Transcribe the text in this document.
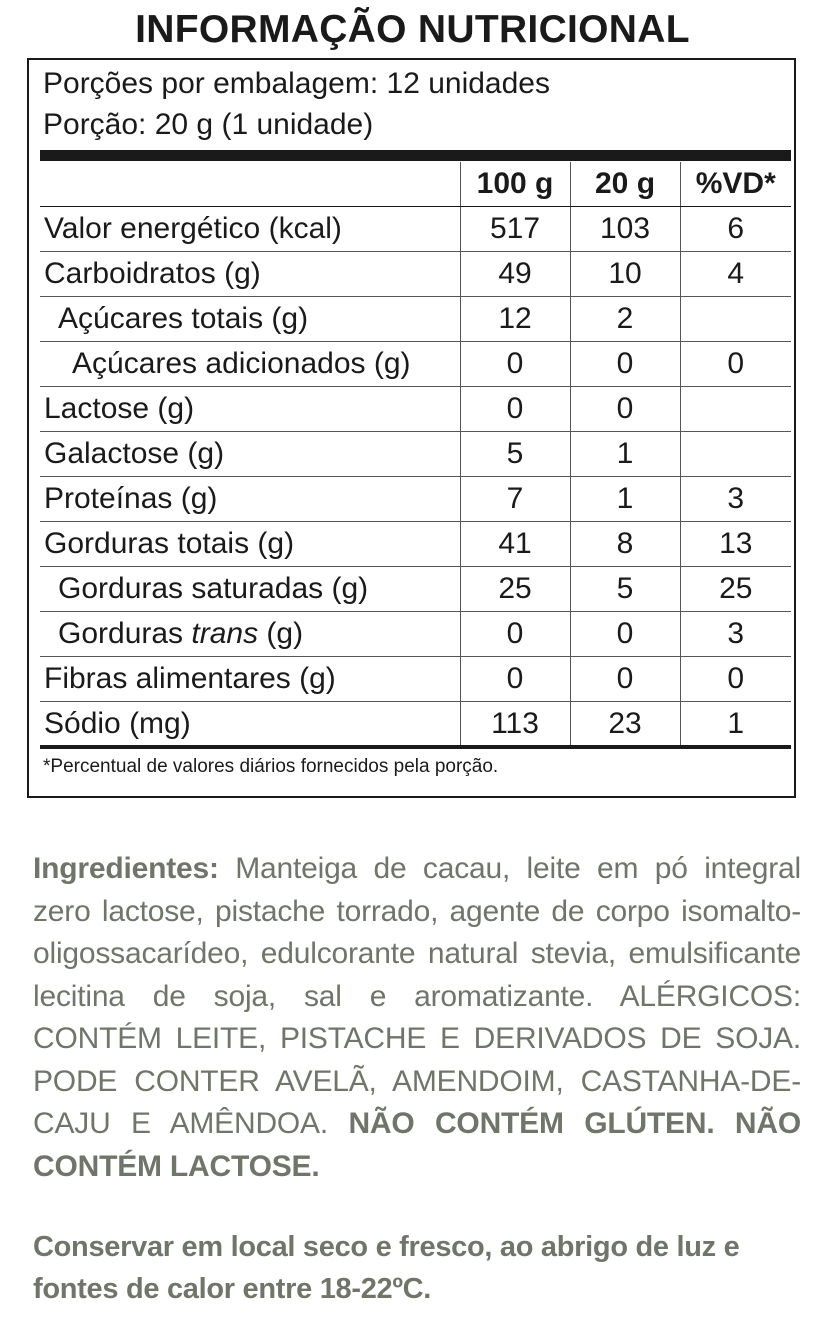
INFORMAÇÃO NUTRICIONAL
Porções por embalagem: 12 unidades
Porção: 20 g (1 unidade)
	100 g	20 g	%VD*
Valor energético (kcal)	517	103	6
Carboidratos (g)	49	10	4
Açúcares totais (g)	12	2	
Açúcares adicionados (g)	0	0	0
Lactose (g)	0	0	
Galactose (g)	5	1	
Proteínas (g)	7	1	3
Gorduras totais (g)	41	8	13
Gorduras saturadas (g)	25	5	25
Gorduras trans (g)	0	0	3
Fibras alimentares (g)	0	0	0
Sódio (mg)	113	23	1
*Percentual de valores diários fornecidos pela porção.
Ingredientes: Manteiga de cacau, leite em pó integral zero lactose, pistache torrado, agente de corpo isomalto-oligossacarídeo, edulcorante natural stevia, emulsificante lecitina de soja, sal e aromatizante. ALÉRGICOS: CONTÉM LEITE, PISTACHE E DERIVADOS DE SOJA. PODE CONTER AVELÃ, AMENDOIM, CASTANHA-DE-CAJU E AMÊNDOA. NÃO CONTÉM GLÚTEN. NÃO CONTÉM LACTOSE.
Conservar em local seco e fresco, ao abrigo de luz e fontes de calor entre 18-22ºC.
